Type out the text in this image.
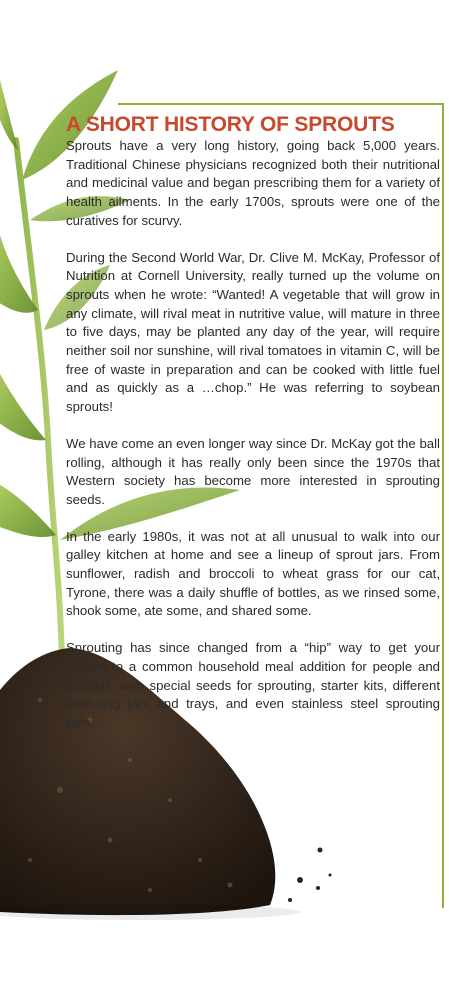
A SHORT HISTORY OF SPROUTS

Sprouts have a very long history, going back 5,000 years. Traditional Chinese physicians recognized both their nutritional and medicinal value and began prescribing them for a variety of health ailments. In the early 1700s, sprouts were one of the curatives for scurvy.

During the Second World War, Dr. Clive M. McKay, Professor of Nutrition at Cornell University, really turned up the volume on sprouts when he wrote: “Wanted! A vegetable that will grow in any climate, will rival meat in nutritive value, will mature in three to five days, may be planted any day of the year, will require neither soil nor sunshine, will rival tomatoes in vitamin C, will be free of waste in preparation and can be cooked with little fuel and as quickly as a …chop.” He was referring to soybean sprouts!

We have come an even longer way since Dr. McKay got the ball rolling, although it has really only been since the 1970s that Western society has become more interested in sprouting seeds.

In the early 1980s, it was not at all unusual to walk into our galley kitchen at home and see a lineup of sprout jars. From sunflower, radish and broccoli to wheat grass for our cat, Tyrone, there was a daily shuffle of bottles, as we rinsed some, shook some, ate some, and shared some.

Sprouting has since changed from a “hip” way to get your greens to a common household meal addition for people and animals, with special seeds for sprouting, starter kits, different sprouting jars and trays, and even stainless steel sprouting pots.
